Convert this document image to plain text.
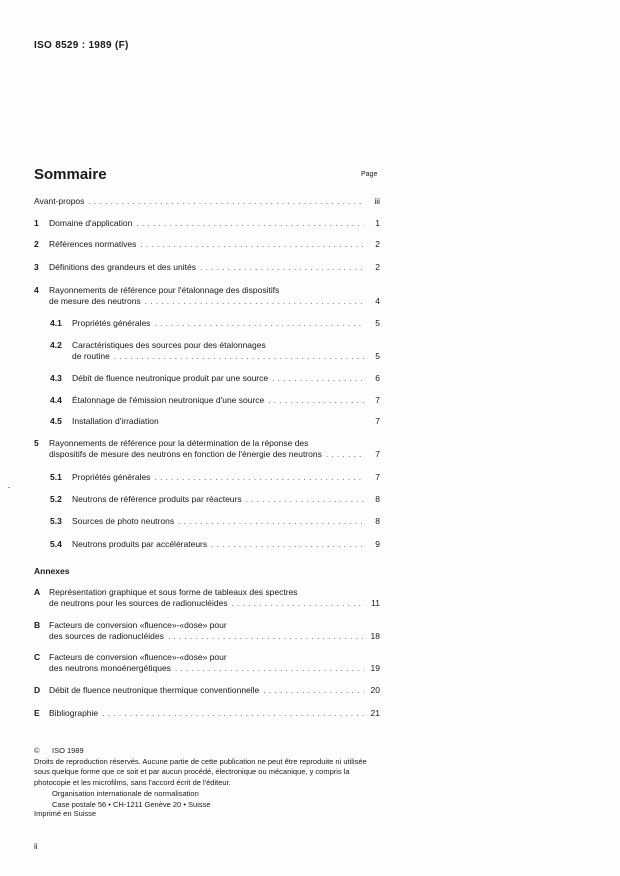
ISO 8529 : 1989 (F)
Sommaire	Page
Avant-propos . . .	iii
1 Domaine d'application . . .	1
2 Références normatives . . .	2
3 Définitions des grandeurs et des unités . . .	2
4 Rayonnements de référence pour l'étalonnage des dispositifs
de mesure des neutrons . . .	4
4.1 Propriétés générales . . .	5
4.2 Caractéristiques des sources pour des étalonnages
de routine . . .	5
4.3 Débit de fluence neutronique produit par une source . . .	6
4.4 Étalonnage de l'émission neutronique d'une source . . .	7
4.5 Installation d'irradiation	7
5 Rayonnements de référence pour la détermination de la réponse des
dispositifs de mesure des neutrons en fonction de l'énergie des neutrons . . .	7
5.1 Propriétés générales . . .	7
5.2 Neutrons de référence produits par réacteurs . . .	8
5.3 Sources de photo neutrons . . .	8
5.4 Neutrons produits par accélérateurs . . .	9
Annexes
A Représentation graphique et sous forme de tableaux des spectres
de neutrons pour les sources de radionucléides . . .	11
B Facteurs de conversion «fluence»-«dose» pour
des sources de radionucléides . . .	18
C Facteurs de conversion «fluence»-«dose» pour
des neutrons monoénergétiques . . .	19
D Débit de fluence neutronique thermique conventionnelle . . .	20
E Bibliographie . . .	21
© ISO 1989
Droits de reproduction réservés. Aucune partie de cette publication ne peut être reproduite ni utilisée sous quelque forme que ce soit et par aucun procédé, électronique ou mécanique, y compris la photocopie et les microfilms, sans l'accord écrit de l'éditeur.
Organisation internationale de normalisation
Case postale 56 • CH-1211 Genève 20 • Suisse
Imprimé en Suisse
ii
